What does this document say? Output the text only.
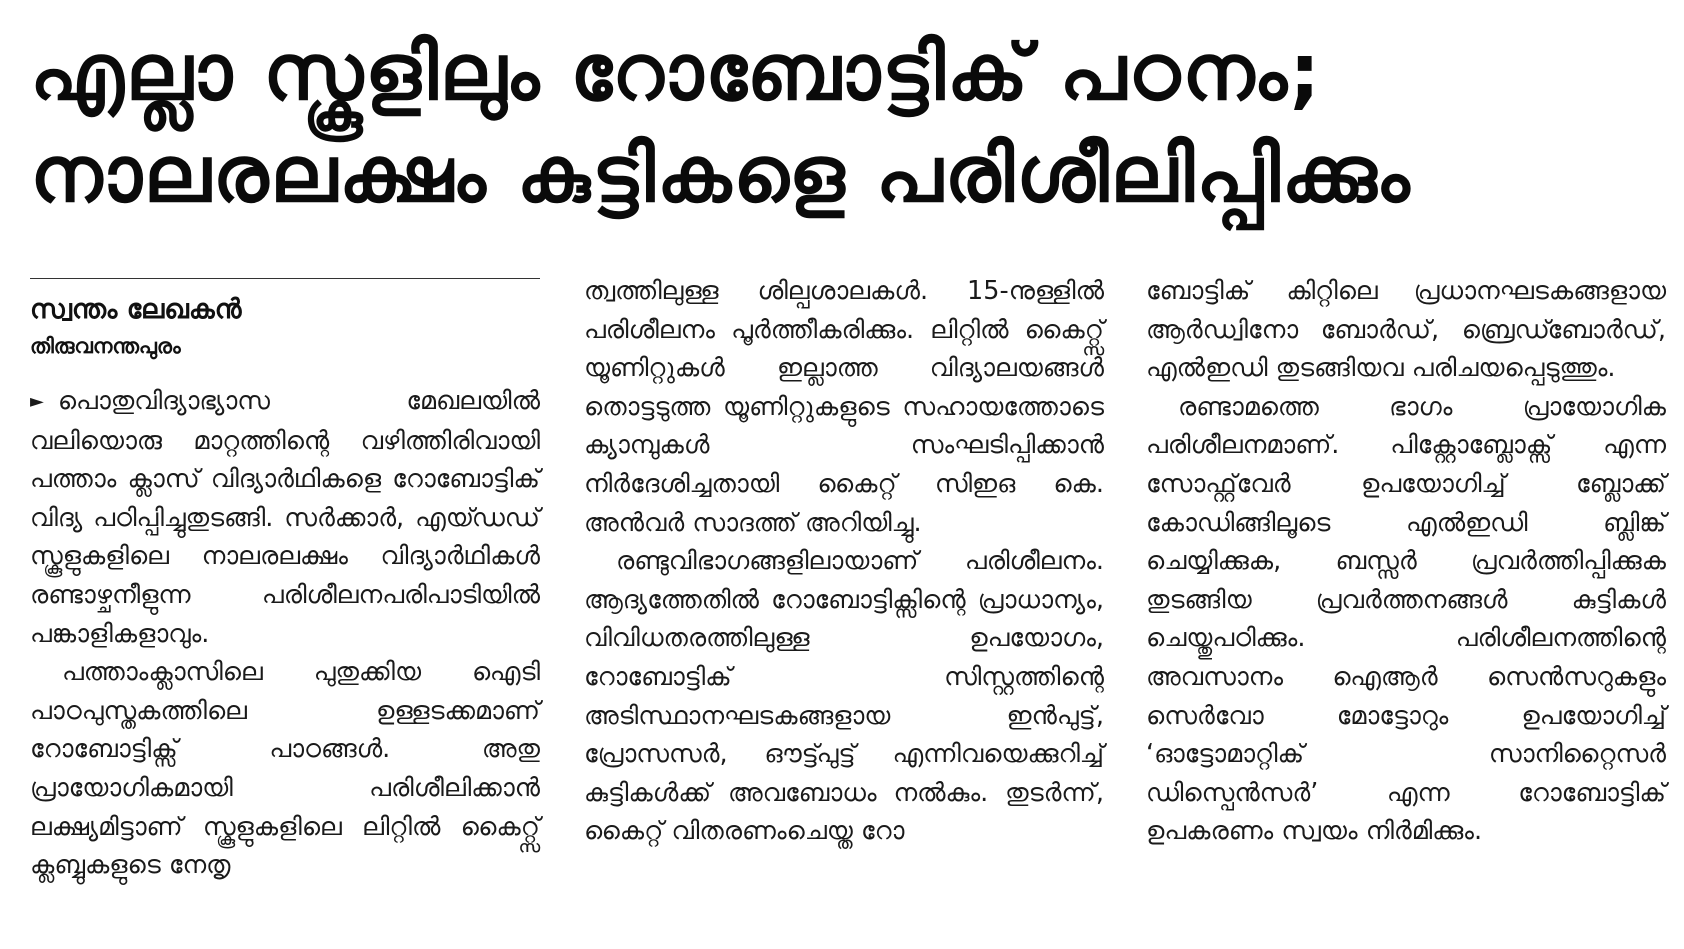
എല്ലാ സ്കൂളിലും റോബോട്ടിക് പഠനം;
നാലരലക്ഷം കുട്ടികളെ പരിശീലിപ്പിക്കും
സ്വന്തം ലേഖകൻ
തിരുവനന്തപുരം

► പൊതുവിദ്യാഭ്യാസ മേഖലയിൽ വലിയൊരു മാറ്റത്തിന്റെ വഴിത്തിരിവായി പത്താം ക്ലാസ് വിദ്യാർഥികളെ റോബോട്ടിക് വിദ്യ പഠിപ്പിച്ചുതുടങ്ങി. സർക്കാർ, എയ്ഡഡ് സ്കൂളുകളിലെ നാലരലക്ഷം വിദ്യാർഥികൾ രണ്ടാഴ്ചനീളുന്ന പരിശീലനപരിപാടിയിൽ പങ്കാളികളാവും.

പത്താംക്ലാസിലെ പുതുക്കിയ ഐടി പാഠപുസ്തകത്തിലെ ഉള്ളടക്കമാണ് റോബോട്ടിക്സ് പാഠങ്ങൾ. അതു പ്രായോഗികമായി പരിശീലിക്കാൻ ലക്ഷ്യമിട്ടാണ് സ്കൂളുകളിലെ ലിറ്റിൽ കൈറ്റ്സ് ക്ലബ്ബുകളുടെ നേതൃ

ത്വത്തിലുള്ള ശില്പശാലകൾ. 15-നുള്ളിൽ പരിശീലനം പൂർത്തീകരിക്കും. ലിറ്റിൽ കൈറ്റ്സ് യൂണിറ്റുകൾ ഇല്ലാത്ത വിദ്യാലയങ്ങൾ തൊട്ടടുത്ത യൂണിറ്റുകളുടെ സഹായത്തോടെ ക്യാമ്പുകൾ സംഘടിപ്പിക്കാൻ നിർദേശിച്ചതായി കൈറ്റ് സിഇഒ കെ. അൻവർ സാദത്ത് അറിയിച്ചു.

രണ്ടുവിഭാഗങ്ങളിലായാണ് പരിശീലനം. ആദ്യത്തേതിൽ റോബോട്ടിക്സിന്റെ പ്രാധാന്യം, വിവിധതരത്തിലുള്ള ഉപയോഗം, റോബോട്ടിക് സിസ്റ്റത്തിന്റെ അടിസ്ഥാനഘടകങ്ങളായ ഇൻപുട്ട്, പ്രോസസർ, ഔട്ട്പുട്ട് എന്നിവയെക്കുറിച്ച് കുട്ടികൾക്ക് അവബോധം നൽകും. തുടർന്ന്, കൈറ്റ് വിതരണംചെയ്ത റോ

ബോട്ടിക് കിറ്റിലെ പ്രധാനഘടകങ്ങളായ ആർഡ്വിനോ ബോർഡ്, ബ്രെഡ്ബോർഡ്, എൽഇഡി തുടങ്ങിയവ പരിചയപ്പെടുത്തും.

രണ്ടാമത്തെ ഭാഗം പ്രായോഗിക പരിശീലനമാണ്. പിക്റ്റോബ്ലോക്സ് എന്ന സോഫ്റ്റ്‌വേർ ഉപയോഗിച്ച് ബ്ലോക്ക് കോഡിങ്ങിലൂടെ എൽഇഡി ബ്ലിങ്ക് ചെയ്യിക്കുക, ബസ്സർ പ്രവർത്തിപ്പിക്കുക തുടങ്ങിയ പ്രവർത്തനങ്ങൾ കുട്ടികൾ ചെയ്തുപഠിക്കും. പരിശീലനത്തിന്റെ അവസാനം ഐആർ സെൻസറുകളും സെർവോ മോട്ടോറും ഉപയോഗിച്ച് ‘ഓട്ടോമാറ്റിക് സാനിറ്റൈസർ ഡിസ്പെൻസർ’ എന്ന റോബോട്ടിക് ഉപകരണം സ്വയം നിർമിക്കും.
